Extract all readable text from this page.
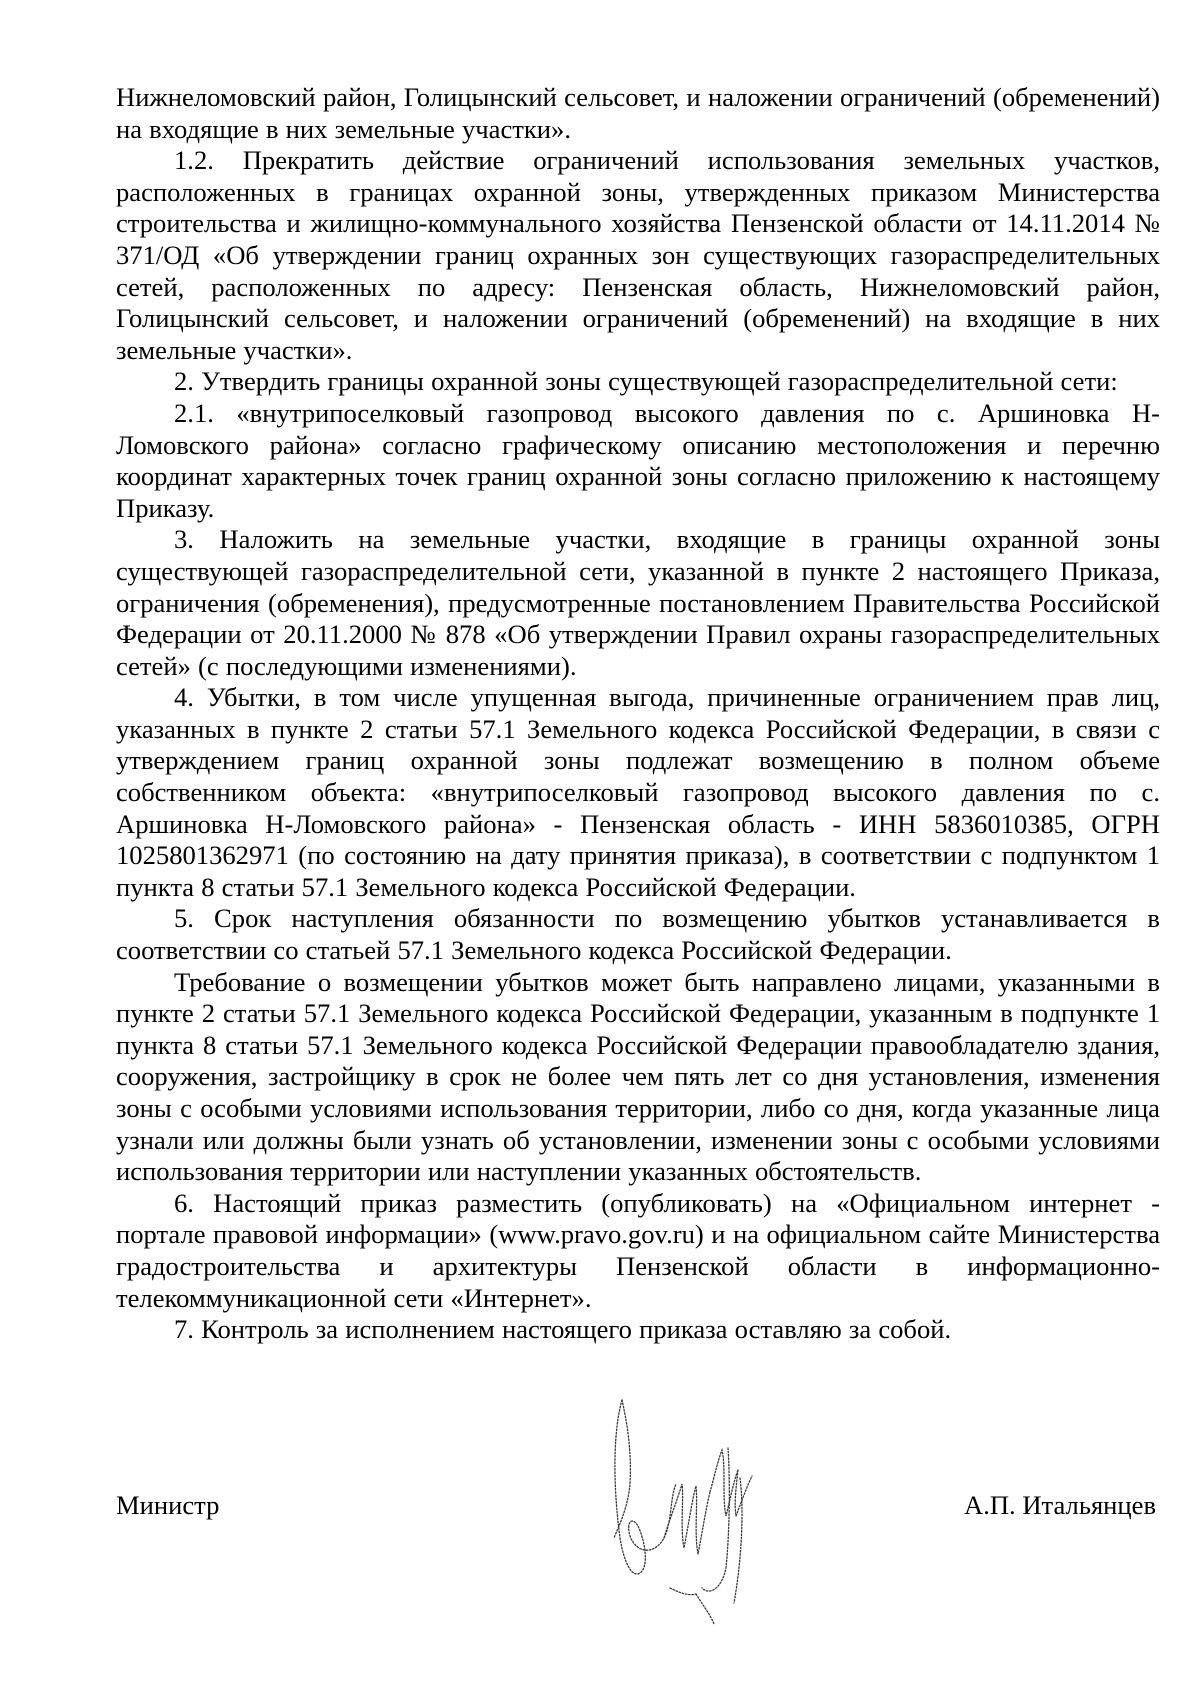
Нижнеломовский район, Голицынский сельсовет, и наложении ограничений (обременений) на входящие в них земельные участки».

1.2. Прекратить действие ограничений использования земельных участков, расположенных в границах охранной зоны, утвержденных приказом Министерства строительства и жилищно-коммунального хозяйства Пензенской области от 14.11.2014 № 371/ОД «Об утверждении границ охранных зон существующих газораспределительных сетей, расположенных по адресу: Пензенская область, Нижнеломовский район, Голицынский сельсовет, и наложении ограничений (обременений) на входящие в них земельные участки».

2. Утвердить границы охранной зоны существующей газораспределительной сети:

2.1. «внутрипоселковый газопровод высокого давления по с. Аршиновка Н-Ломовского района» согласно графическому описанию местоположения и перечню координат характерных точек границ охранной зоны согласно приложению к настоящему Приказу.

3. Наложить на земельные участки, входящие в границы охранной зоны существующей газораспределительной сети, указанной в пункте 2 настоящего Приказа, ограничения (обременения), предусмотренные постановлением Правительства Российской Федерации от 20.11.2000 № 878 «Об утверждении Правил охраны газораспределительных сетей» (с последующими изменениями).

4. Убытки, в том числе упущенная выгода, причиненные ограничением прав лиц, указанных в пункте 2 статьи 57.1 Земельного кодекса Российской Федерации, в связи с утверждением границ охранной зоны подлежат возмещению в полном объеме собственником объекта: «внутрипоселковый газопровод высокого давления по с. Аршиновка Н-Ломовского района» - Пензенская область - ИНН 5836010385, ОГРН 1025801362971 (по состоянию на дату принятия приказа), в соответствии с подпунктом 1 пункта 8 статьи 57.1 Земельного кодекса Российской Федерации.

5. Срок наступления обязанности по возмещению убытков устанавливается в соответствии со статьей 57.1 Земельного кодекса Российской Федерации.

Требование о возмещении убытков может быть направлено лицами, указанными в пункте 2 статьи 57.1 Земельного кодекса Российской Федерации, указанным в подпункте 1 пункта 8 статьи 57.1 Земельного кодекса Российской Федерации правообладателю здания, сооружения, застройщику в срок не более чем пять лет со дня установления, изменения зоны с особыми условиями использования территории, либо со дня, когда указанные лица узнали или должны были узнать об установлении, изменении зоны с особыми условиями использования территории или наступлении указанных обстоятельств.

6. Настоящий приказ разместить (опубликовать) на «Официальном интернет - портале правовой информации» (www.pravo.gov.ru) и на официальном сайте Министерства градостроительства и архитектуры Пензенской области в информационно-телекоммуникационной сети «Интернет».

7. Контроль за исполнением настоящего приказа оставляю за собой.

Министр	А.П. Итальянцев
